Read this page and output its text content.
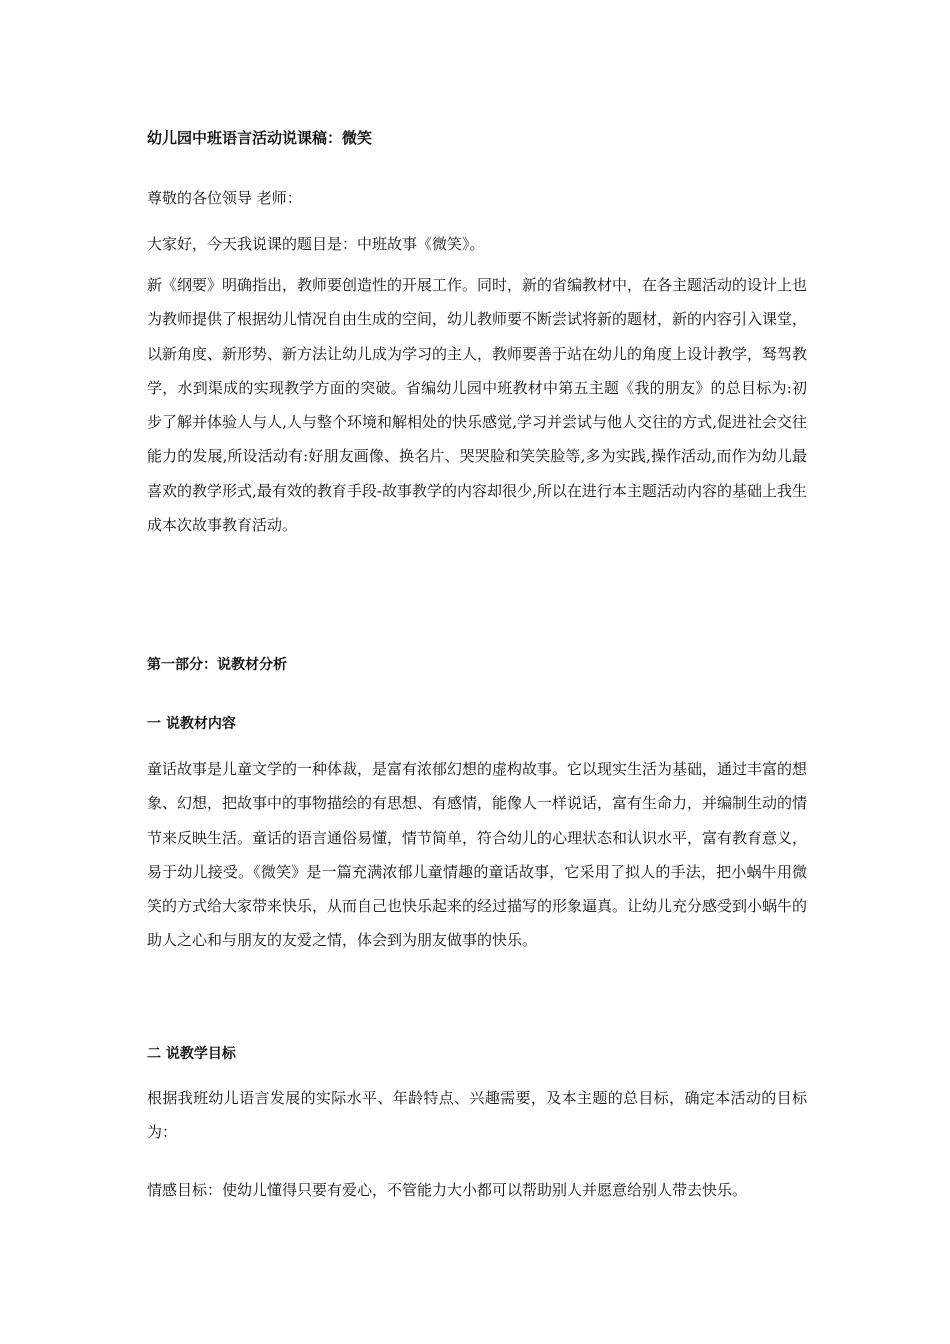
幼儿园中班语言活动说课稿：微笑

尊敬的各位领导 老师：

大家好，今天我说课的题目是：中班故事《微笑》。

新《纲要》明确指出，教师要创造性的开展工作。同时，新的省编教材中，在各主题活动的设计上也为教师提供了根据幼儿情况自由生成的空间，幼儿教师要不断尝试将新的题材，新的内容引入课堂，以新角度、新形势、新方法让幼儿成为学习的主人，教师要善于站在幼儿的角度上设计教学，驽驾教学，水到渠成的实现教学方面的突破。省编幼儿园中班教材中第五主题《我的朋友》的总目标为:初步了解并体验人与人,人与整个环境和解相处的快乐感觉,学习并尝试与他人交往的方式,促进社会交往能力的发展,所设活动有:好朋友画像、换名片、哭哭脸和笑笑脸等,多为实践,操作活动,而作为幼儿最喜欢的教学形式,最有效的教育手段-故事教学的内容却很少,所以在进行本主题活动内容的基础上我生成本次故事教育活动。

第一部分：说教材分析
一 说教材内容

童话故事是儿童文学的一种体裁，是富有浓郁幻想的虚构故事。它以现实生活为基础，通过丰富的想象、幻想，把故事中的事物描绘的有思想、有感情，能像人一样说话，富有生命力，并编制生动的情节来反映生活。童话的语言通俗易懂，情节简单，符合幼儿的心理状态和认识水平，富有教育意义，易于幼儿接受。《微笑》是一篇充满浓郁儿童情趣的童话故事，它采用了拟人的手法，把小蜗牛用微笑的方式给大家带来快乐，从而自己也快乐起来的经过描写的形象逼真。让幼儿充分感受到小蜗牛的助人之心和与朋友的友爱之情，体会到为朋友做事的快乐。

二 说教学目标

根据我班幼儿语言发展的实际水平、年龄特点、兴趣需要，及本主题的总目标，确定本活动的目标为：

情感目标：使幼儿懂得只要有爱心，不管能力大小都可以帮助别人并愿意给别人带去快乐。
